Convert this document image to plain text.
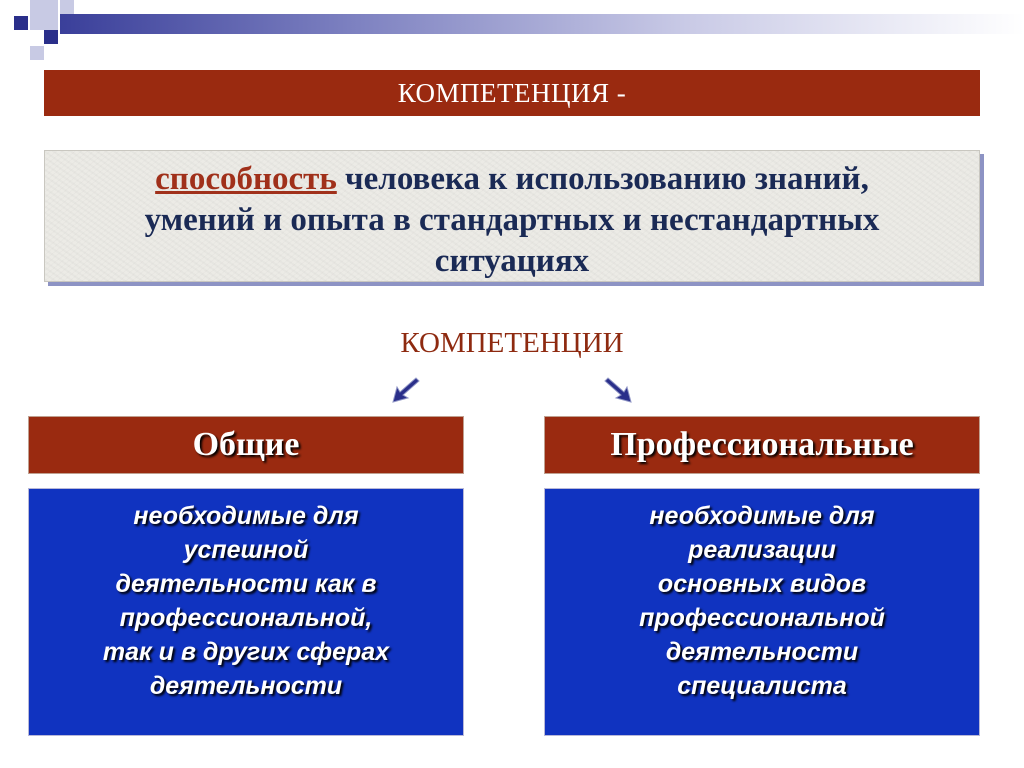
КОМПЕТЕНЦИЯ -
способность человека к использованию знаний,
умений и опыта в стандартных и нестандартных
ситуациях
КОМПЕТЕНЦИИ
Общие	Профессиональные
необходимые для
успешной
деятельности как в
профессиональной,
так и в других сферах
деятельности
необходимые для
реализации
основных видов
профессиональной
деятельности
специалиста
